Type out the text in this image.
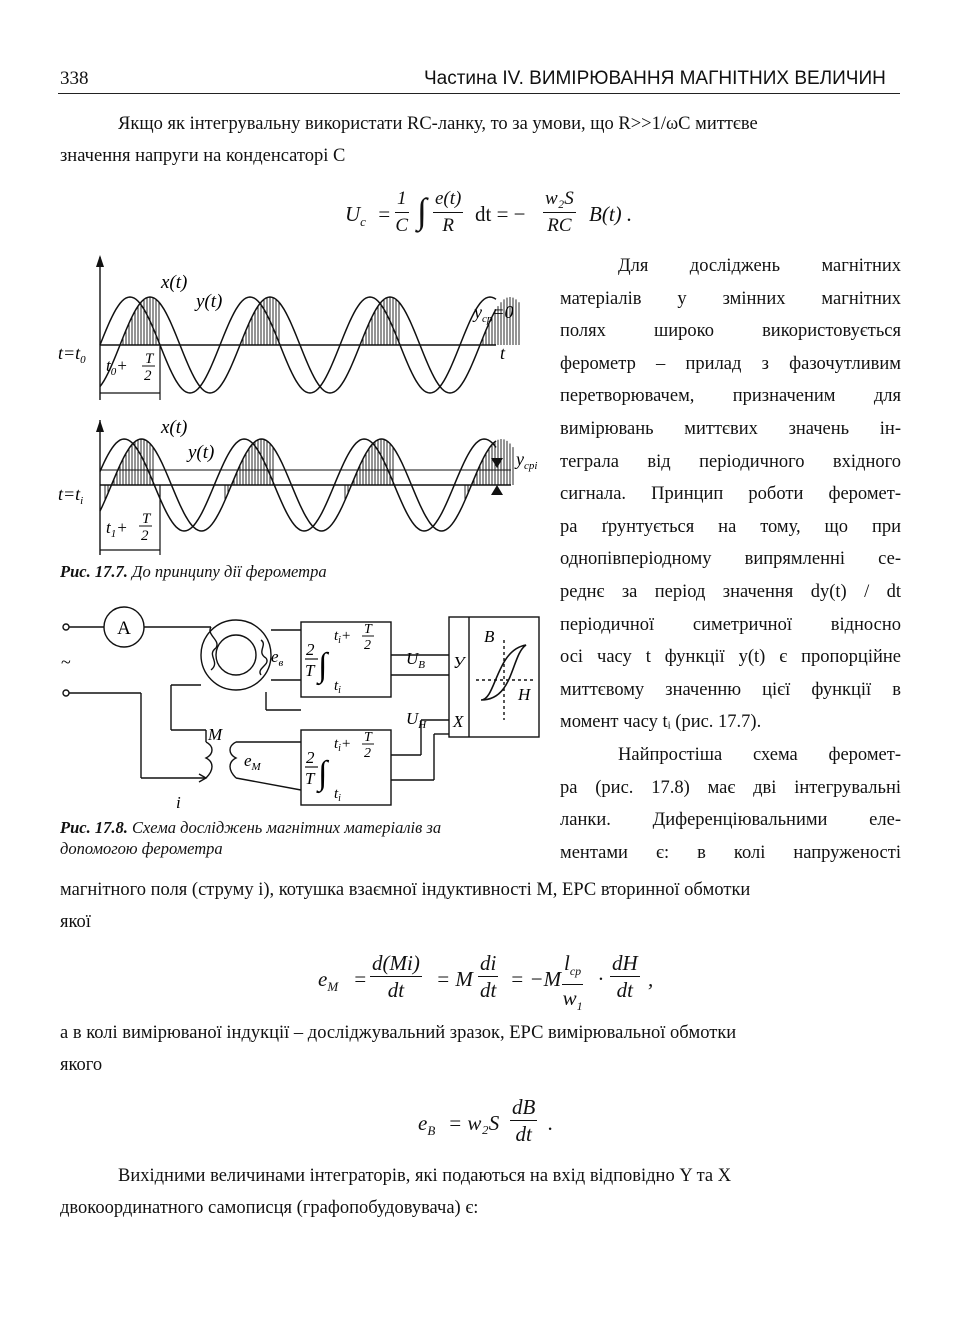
338	Частина IV. ВИМІРЮВАННЯ МАГНІТНИХ ВЕЛИЧИН
Якщо як інтегрувальну використати RC-ланку, то за умови, що R>>1/ωC миттєве
значення напруги на конденсаторі C
$U_c = \frac{1}{C}$ ∫ $\frac{e(t)}{R}$ dt = − $\frac{\text{w₂S}}{RC} B(t)$ .
Для досліджень магнітних
матеріалів у змінних магнітних
полях широко використовується
ферометр – прилад з фазочутливим
перетворювачем, призначеним для
вимірювань миттєвих значень ін-
теграла від періодичного вхідного
сигнала. Принцип роботи феромет-
ра ґрунтується на тому, що при
однопівперіодному випрямленні се-
реднє за період значення dy(t) / dt
періодичної симетричної відносно
осі часу t функції y(t) є пропорційне
миттєвому значенню цієї функції в
момент часу tᵢ (рис. 17.7).
Найпростіша схема феромет-
ра (рис. 17.8) має дві інтегрувальні
ланки. Диференціювальними еле-
ментами є: в колі напруженості
x(t)
y(t)	$y_{ср}=0$
t
$t=t_0$ $t_0+ T$
2
x(t)
y(t)	$y_{срі}$
$t=t_і$
$t_1+ T$
2
Рис. 17.7. До принципу дії ферометра
A
~	$e_в$
2
T ∫
$t_і+ T$
2
$t_і$
2
T ∫
$t_і+ T$
2
$t_і$
$U_В$
$U_Н$
У
Х
B
H
M
$e_М$
i
Рис. 17.8. Схема досліджень магнітних матеріалів за
допомогою ферометра
магнітного поля (струму i), котушка взаємної індуктивності M, ЕРС вторинної обмотки
якої
$e_M = \frac{d(Mi)}{dt} = M \frac{di}{dt} = -M$
$l_{ср}$
$w_1$
· $\frac{dH}{dt}$ ,
а в колі вимірюваної індукції – досліджувальний зразок, ЕРС вимірювальної обмотки
якого
$e_B = w_2S \frac{dB}{dt}$ .
Вихідними величинами інтеграторів, які подаються на вхід відповідно Y та X
двокоординатного самописця (графопобудовувача) є:
